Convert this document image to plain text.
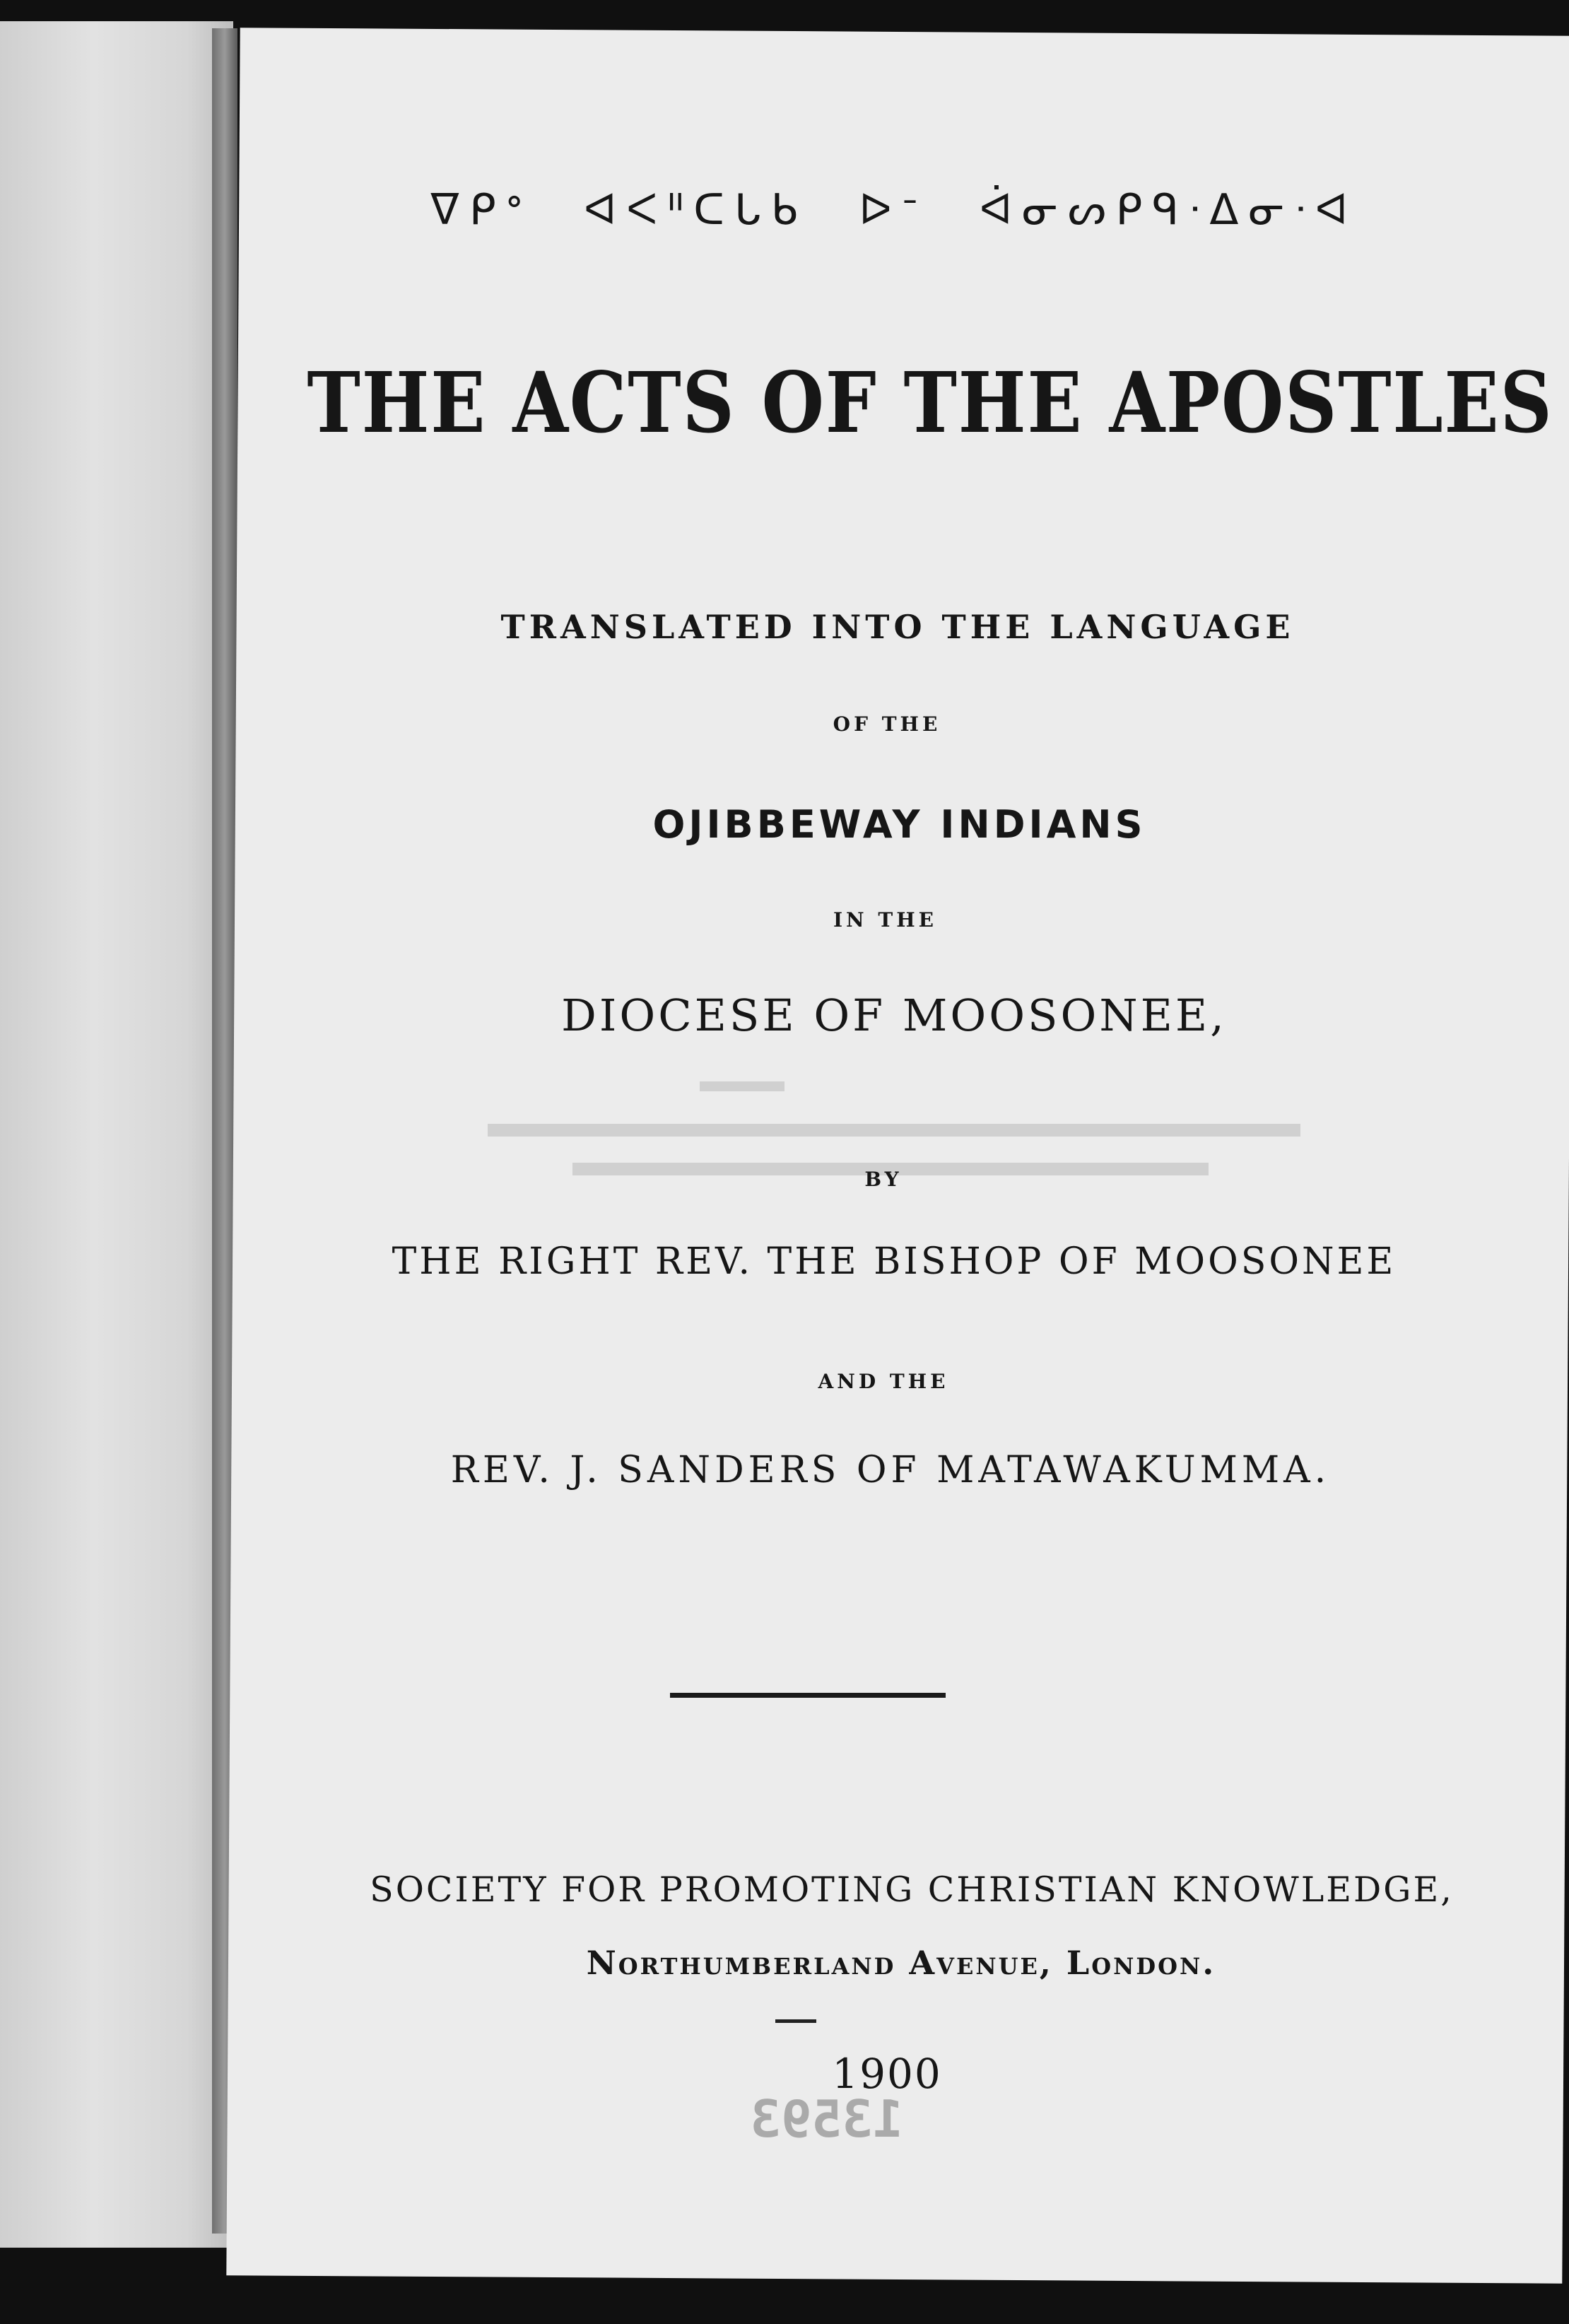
ᐁᑭᐤ ᐊᐸᐦᑕᒐᑲ ᐅᐨ ᐋᓂᔕᑭᑫᐧᐃᓂᐧᐊ
THE ACTS OF THE APOSTLES
TRANSLATED INTO THE LANGUAGE
OF THE
OJIBBEWAY INDIANS
IN THE
DIOCESE OF MOOSONEE,
BY
THE RIGHT REV. THE BISHOP OF MOOSONEE
AND THE
REV. J. SANDERS OF MATAWAKUMMA.
SOCIETY FOR PROMOTING CHRISTIAN KNOWLEDGE,
Northumberland Avenue, London.
1900
13593
